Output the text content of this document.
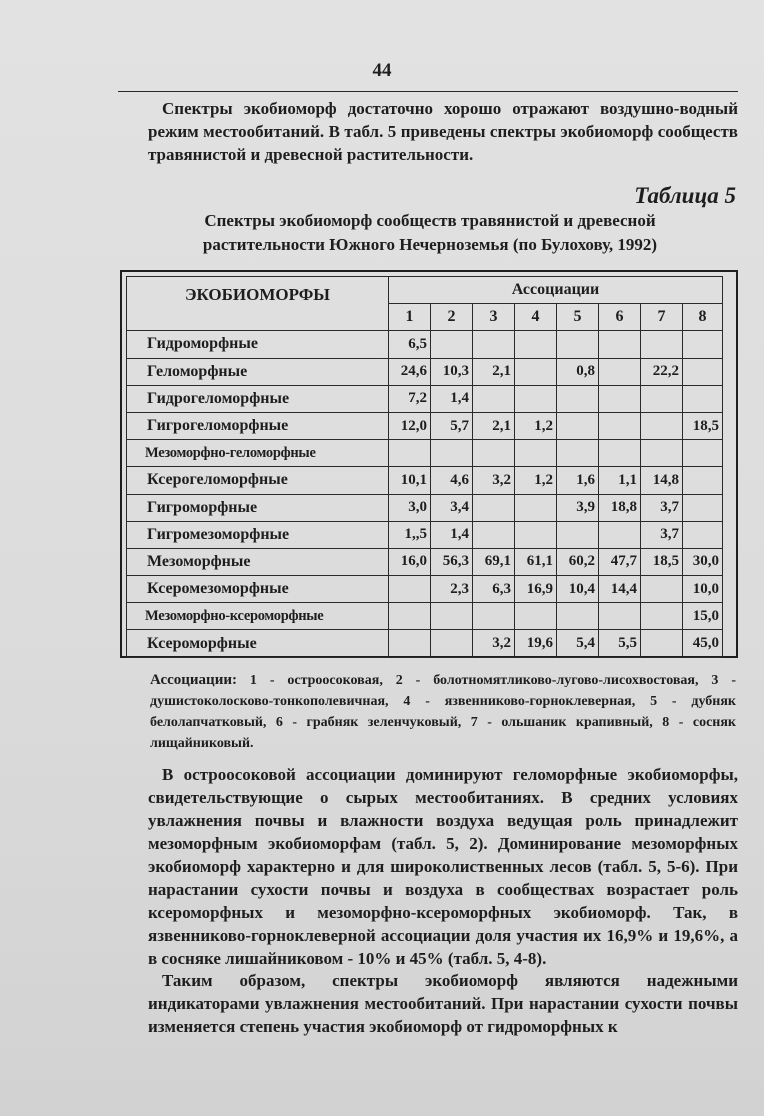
44

Спектры экобиоморф достаточно хорошо отражают воздушно-водный режим местообитаний. В табл. 5 приведены спектры экобиоморф сообществ травянистой и древесной растительности.

Таблица 5
Спектры экобиоморф сообществ травянистой и древесной
растительности Южного Нечерноземья (по Булохову, 1992)
ЭКОБИОМОРФЫ	Ассоциации							
	1	2	3	4	5	6	7	8
Гидроморфные	6,5							
Геломорфные	24,6	10,3	2,1		0,8		22,2	
Гидрогеломорфные	7,2	1,4						
Гигрогеломорфные	12,0	5,7	2,1	1,2				18,5
Мезоморфно-геломорфные								
Ксерогеломорфные	10,1	4,6	3,2	1,2	1,6	1,1	14,8	
Гигроморфные	3,0	3,4			3,9	18,8	3,7	
Гигромезоморфные	1,,5	1,4					3,7	
Мезоморфные	16,0	56,3	69,1	61,1	60,2	47,7	18,5	30,0
Ксеромезоморфные		2,3	6,3	16,9	10,4	14,4		10,0
Мезоморфно-ксероморфные								15,0
Ксероморфные			3,2	19,6	5,4	5,5		45,0

Ассоциации: 1 - острoосоковая, 2 - болотномятликово-лугово-лисохвостовая, 3 - душистоколосково-тонкополевичная, 4 - язвенниково-горноклеверная, 5 - дубняк белолапчатковый, 6 - грабняк зеленчуковый, 7 - ольшаник крапивный, 8 - сосняк лищайниковый.

В остроосоковой ассоциации доминируют геломорфные экобиоморфы, свидетельствующие о сырых местообитаниях. В средних условиях увлажнения почвы и влажности воздуха ведущая роль принадлежит мезоморфным экобиоморфам (табл. 5, 2). Доминирование мезоморфных экобиоморф характерно и для широколиственных лесов (табл. 5, 5-6). При нарастании сухости почвы и воздуха в сообществах возрастает роль ксероморфных и мезоморфно-ксероморфных экобиоморф. Так, в язвенниково-горноклеверной ассоциации доля участия их 16,9% и 19,6%, а в сосняке лишайниковом - 10% и 45% (табл. 5, 4-8).

Таким образом, спектры экобиоморф являются надежными индикаторами увлажнения местообитаний. При нарастании сухости почвы изменяется степень участия экобиоморф от гидроморфных к
